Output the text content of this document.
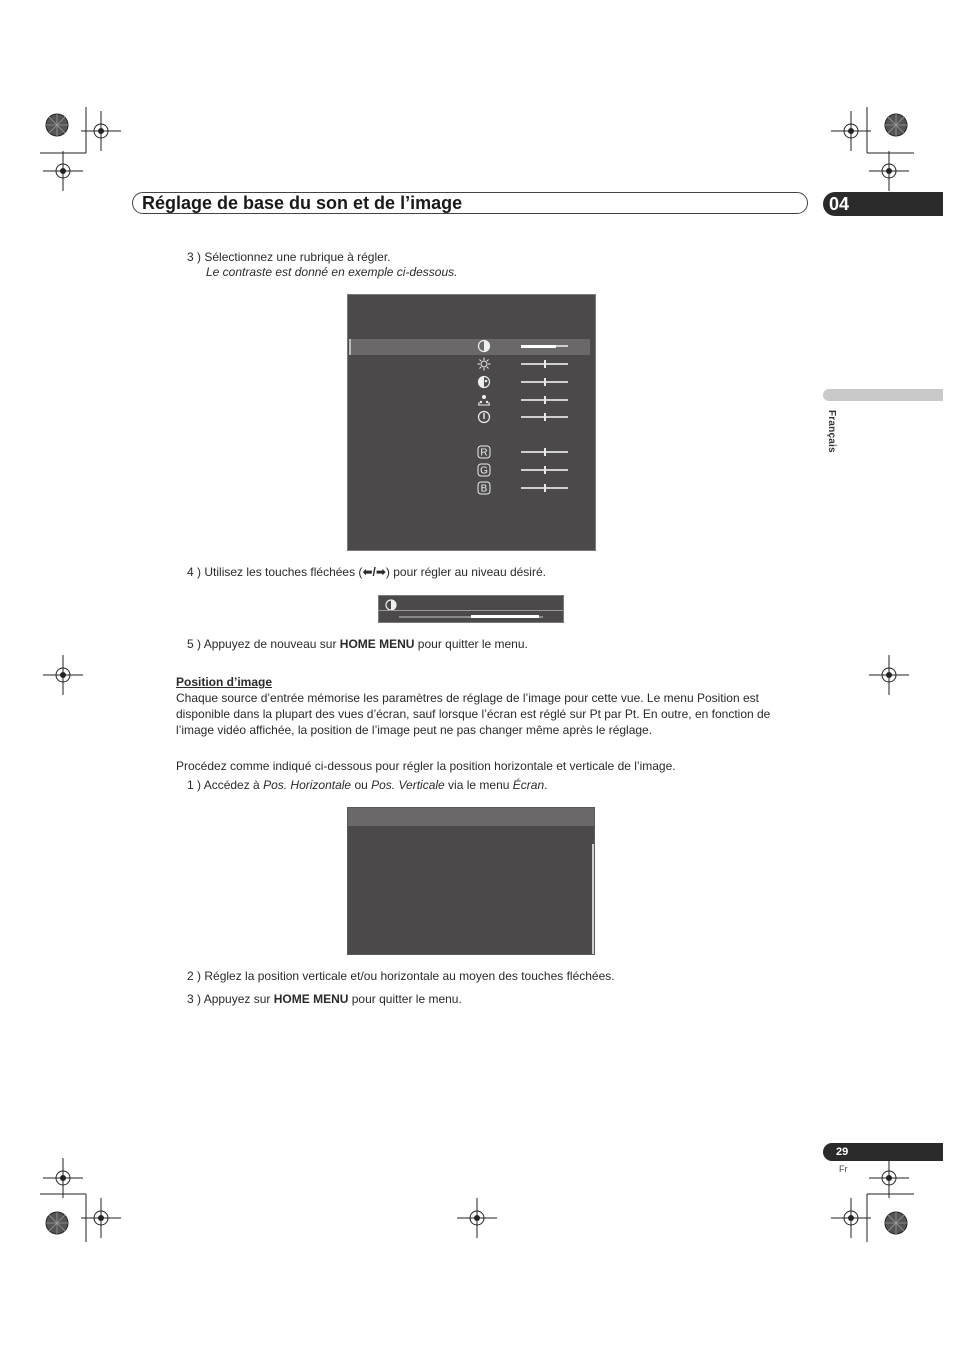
Réglage de base du son et de l’image	04
Français
3 ) Sélectionnez une rubrique à régler.
Le contraste est donné en exemple ci-dessous.
R
G
B
4 ) Utilisez les touches fléchées (⬅/➡) pour régler au niveau désiré.
5 ) Appuyez de nouveau sur HOME MENU pour quitter le menu.
Position d’image
Chaque source d’entrée mémorise les paramètres de réglage de l’image pour cette vue. Le menu Position est
disponible dans la plupart des vues d’écran, sauf lorsque l’écran est réglé sur Pt par Pt. En outre, en fonction de
l’image vidéo affichée, la position de l’image peut ne pas changer même après le réglage.
Procédez comme indiqué ci-dessous pour régler la position horizontale et verticale de l’image.
1 ) Accédez à Pos. Horizontale ou Pos. Verticale via le menu Écran.
2 ) Réglez la position verticale et/ou horizontale au moyen des touches fléchées.
3 ) Appuyez sur HOME MENU pour quitter le menu.
29
Fr
